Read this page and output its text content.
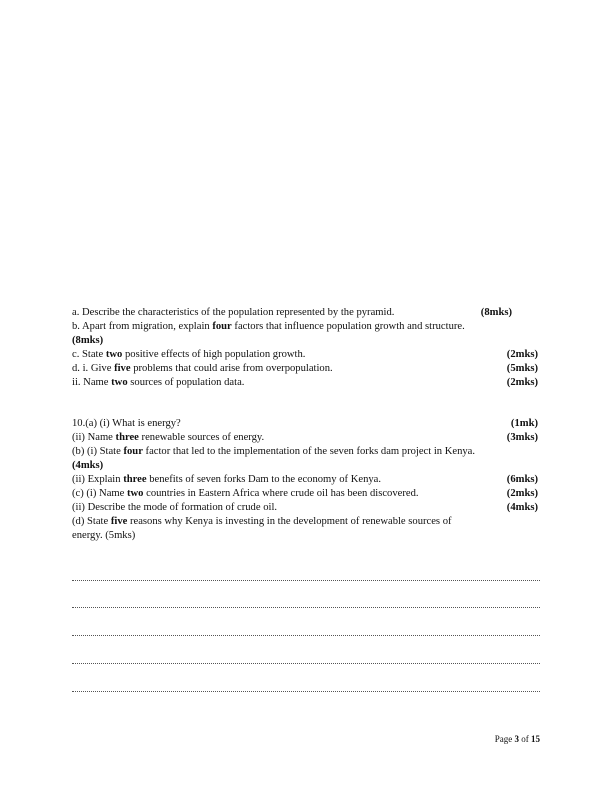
a. Describe the characteristics of the population represented by the pyramid.	(8mks)
b. Apart from migration, explain four factors that influence population growth and structure.
(8mks)
c. State two positive effects of high population growth.	(2mks)
d. i. Give five problems that could arise from overpopulation.	(5mks)
ii. Name two sources of population data.	(2mks)
10.(a) (i) What is energy?	(1mk)
(ii) Name three renewable sources of energy.	(3mks)
(b) (i) State four factor that led to the implementation of the seven forks dam project in Kenya.
(4mks)
(ii) Explain three benefits of seven forks Dam to the economy of Kenya.	(6mks)
(c) (i) Name two countries in Eastern Africa where crude oil has been discovered.	(2mks)
(ii) Describe the mode of formation of crude oil.	(4mks)
(d) State five reasons why Kenya is investing in the development of renewable sources of
energy. (5mks)
Page 3 of 15
